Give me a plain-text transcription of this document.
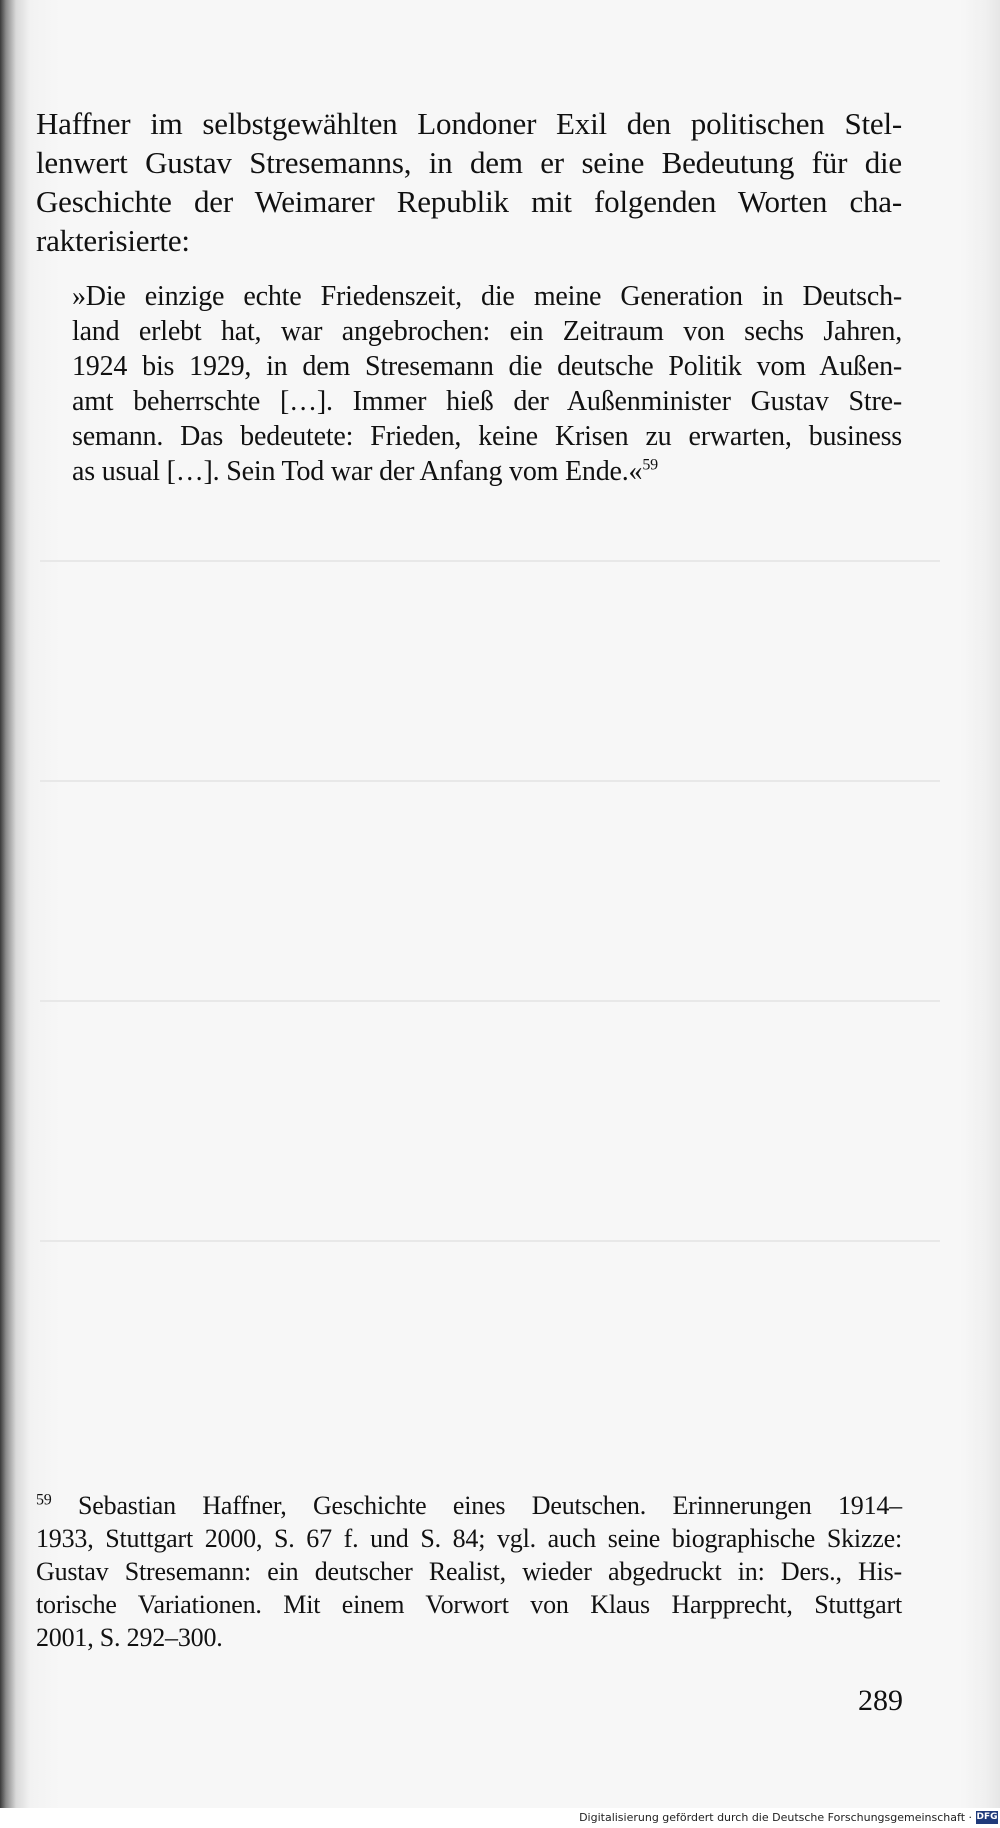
Haffner im selbstgewählten Londoner Exil den politischen Stel-
lenwert Gustav Stresemanns, in dem er seine Bedeutung für die
Geschichte der Weimarer Republik mit folgenden Worten cha-
rakterisierte:
»Die einzige echte Friedenszeit, die meine Generation in Deutsch-
land erlebt hat, war angebrochen: ein Zeitraum von sechs Jahren,
1924 bis 1929, in dem Stresemann die deutsche Politik vom Außen-
amt beherrschte […]. Immer hieß der Außenminister Gustav Stre-
semann. Das bedeutete: Frieden, keine Krisen zu erwarten, business
as usual […]. Sein Tod war der Anfang vom Ende.«$^{59}$
$^{59}$ Sebastian Haffner, Geschichte eines Deutschen. Erinnerungen 1914–
1933, Stuttgart 2000, S. 67 f. und S. 84; vgl. auch seine biographische Skizze:
Gustav Stresemann: ein deutscher Realist, wieder abgedruckt in: Ders., His-
torische Variationen. Mit einem Vorwort von Klaus Harpprecht, Stuttgart
2001, S. 292–300.
289
Digitalisierung gefördert durch die Deutsche Forschungsgemeinschaft · DFG
